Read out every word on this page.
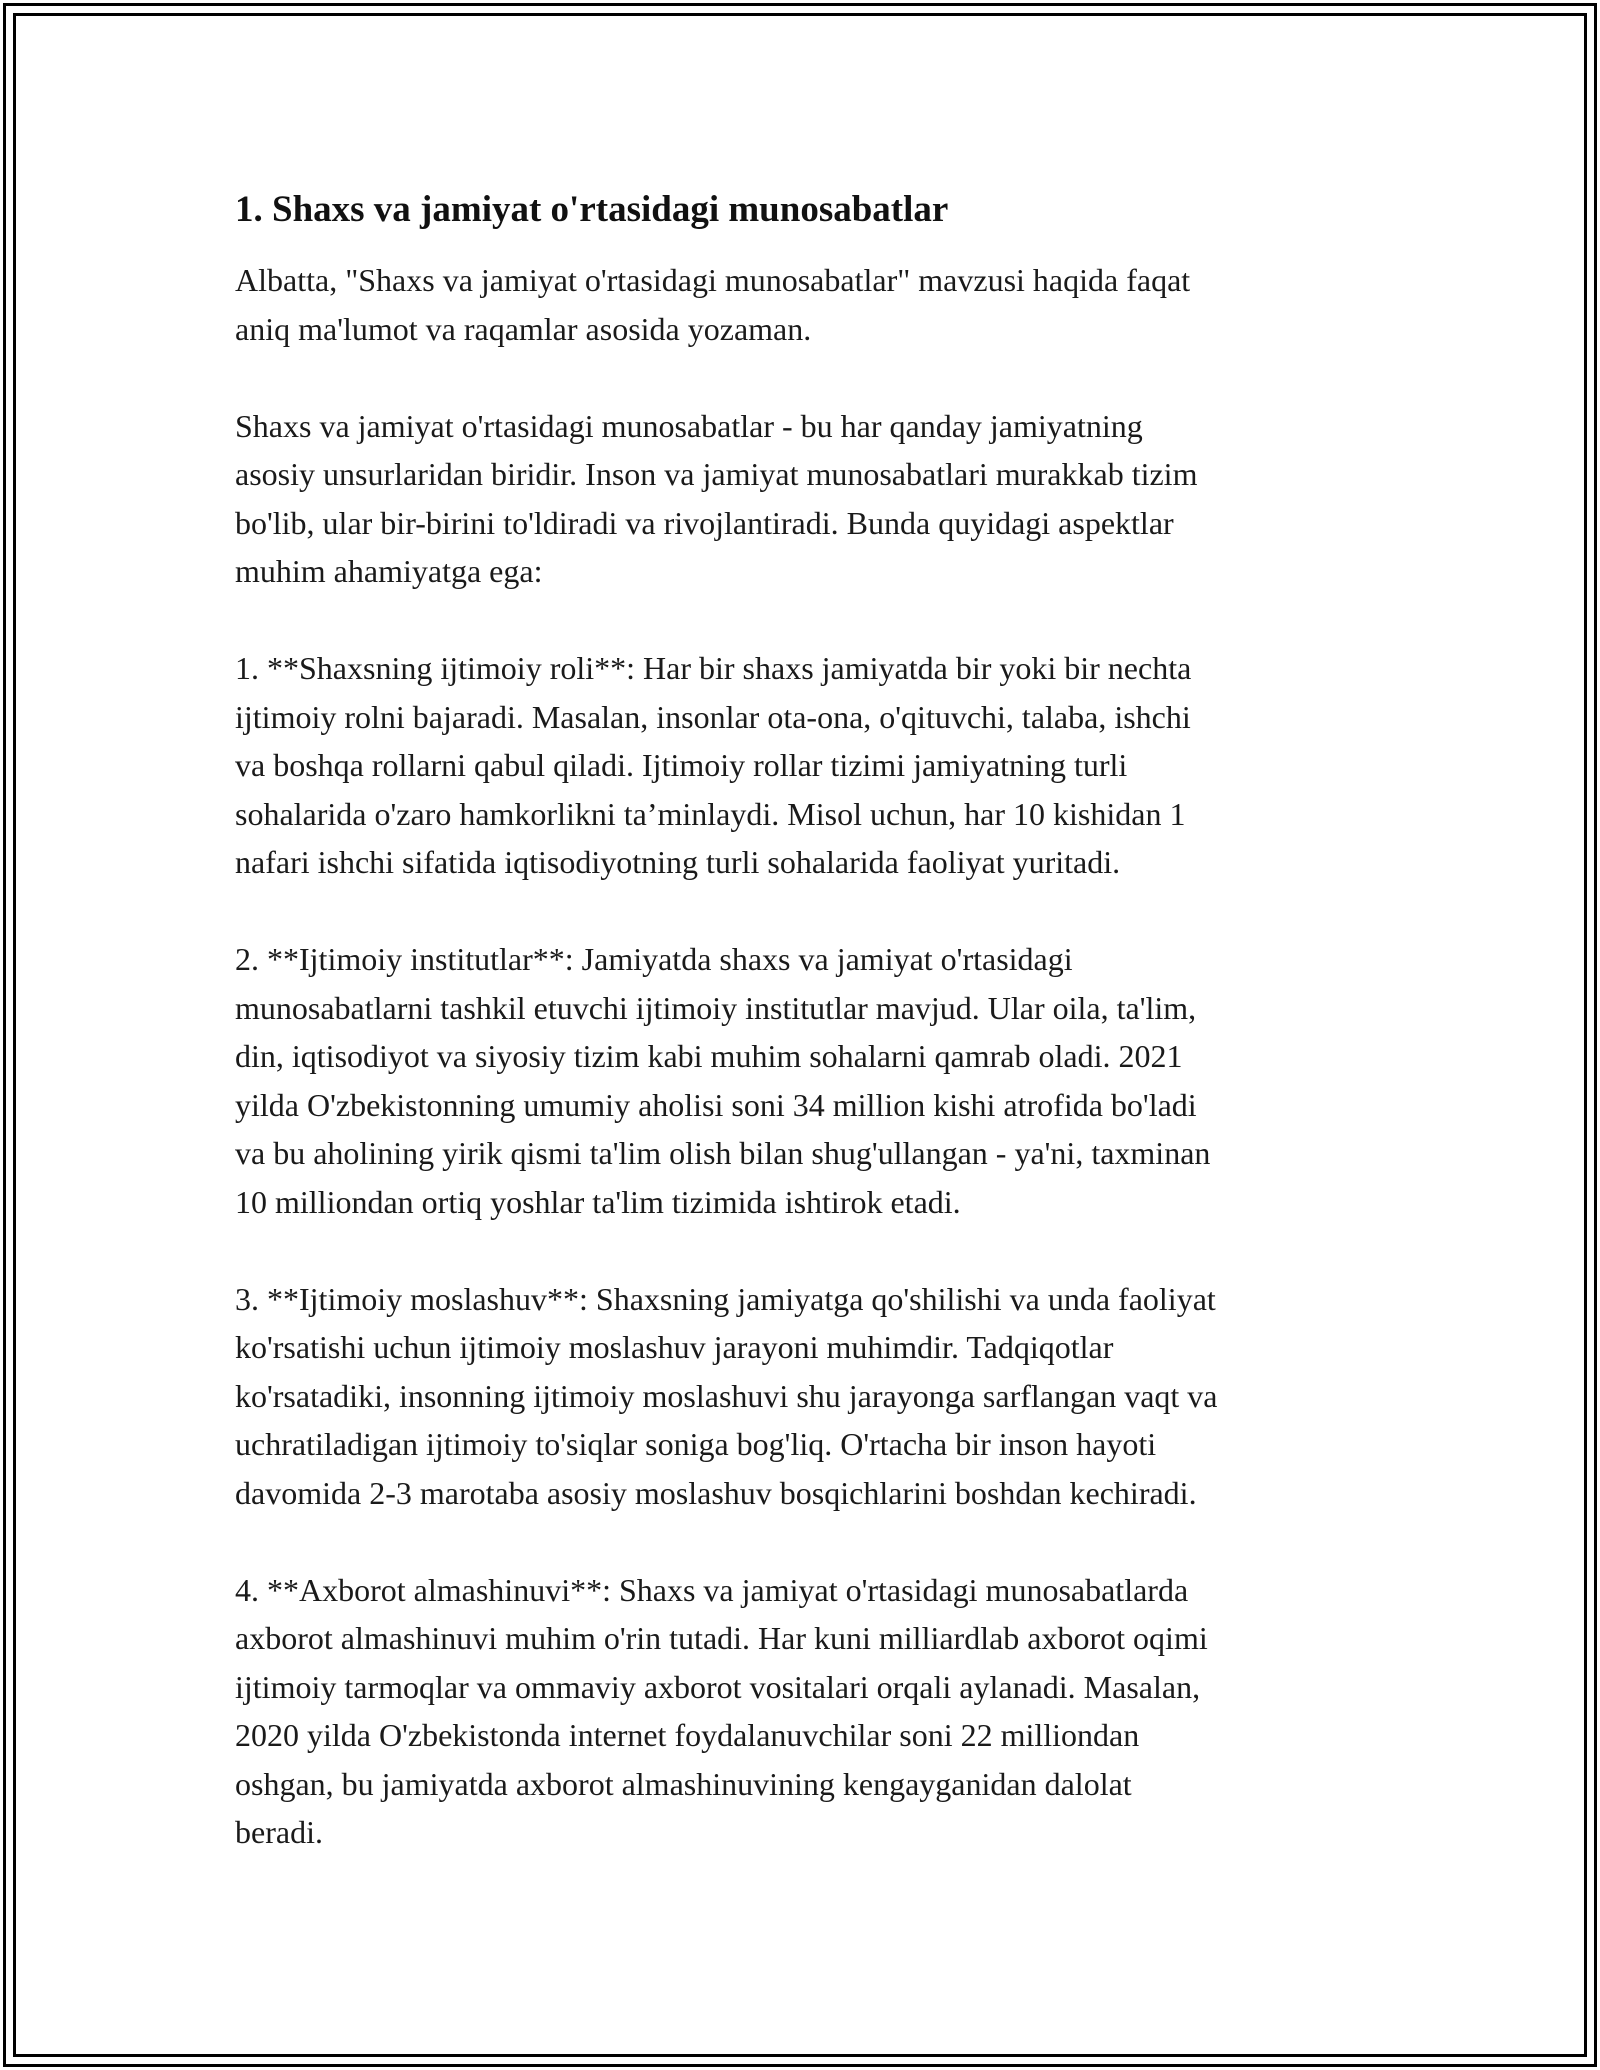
1. Shaxs va jamiyat o'rtasidagi munosabatlar

Albatta, "Shaxs va jamiyat o'rtasidagi munosabatlar" mavzusi haqida faqat
aniq ma'lumot va raqamlar asosida yozaman.

Shaxs va jamiyat o'rtasidagi munosabatlar - bu har qanday jamiyatning
asosiy unsurlaridan biridir. Inson va jamiyat munosabatlari murakkab tizim
bo'lib, ular bir-birini to'ldiradi va rivojlantiradi. Bunda quyidagi aspektlar
muhim ahamiyatga ega:

1. **Shaxsning ijtimoiy roli**: Har bir shaxs jamiyatda bir yoki bir nechta
ijtimoiy rolni bajaradi. Masalan, insonlar ota-ona, o'qituvchi, talaba, ishchi
va boshqa rollarni qabul qiladi. Ijtimoiy rollar tizimi jamiyatning turli
sohalarida o'zaro hamkorlikni ta’minlaydi. Misol uchun, har 10 kishidan 1
nafari ishchi sifatida iqtisodiyotning turli sohalarida faoliyat yuritadi.

2. **Ijtimoiy institutlar**: Jamiyatda shaxs va jamiyat o'rtasidagi
munosabatlarni tashkil etuvchi ijtimoiy institutlar mavjud. Ular oila, ta'lim,
din, iqtisodiyot va siyosiy tizim kabi muhim sohalarni qamrab oladi. 2021
yilda O'zbekistonning umumiy aholisi soni 34 million kishi atrofida bo'ladi
va bu aholining yirik qismi ta'lim olish bilan shug'ullangan - ya'ni, taxminan
10 milliondan ortiq yoshlar ta'lim tizimida ishtirok etadi.

3. **Ijtimoiy moslashuv**: Shaxsning jamiyatga qo'shilishi va unda faoliyat
ko'rsatishi uchun ijtimoiy moslashuv jarayoni muhimdir. Tadqiqotlar
ko'rsatadiki, insonning ijtimoiy moslashuvi shu jarayonga sarflangan vaqt va
uchratiladigan ijtimoiy to'siqlar soniga bog'liq. O'rtacha bir inson hayoti
davomida 2-3 marotaba asosiy moslashuv bosqichlarini boshdan kechiradi.

4. **Axborot almashinuvi**: Shaxs va jamiyat o'rtasidagi munosabatlarda
axborot almashinuvi muhim o'rin tutadi. Har kuni milliardlab axborot oqimi
ijtimoiy tarmoqlar va ommaviy axborot vositalari orqali aylanadi. Masalan,
2020 yilda O'zbekistonda internet foydalanuvchilar soni 22 milliondan
oshgan, bu jamiyatda axborot almashinuvining kengayganidan dalolat
beradi.
